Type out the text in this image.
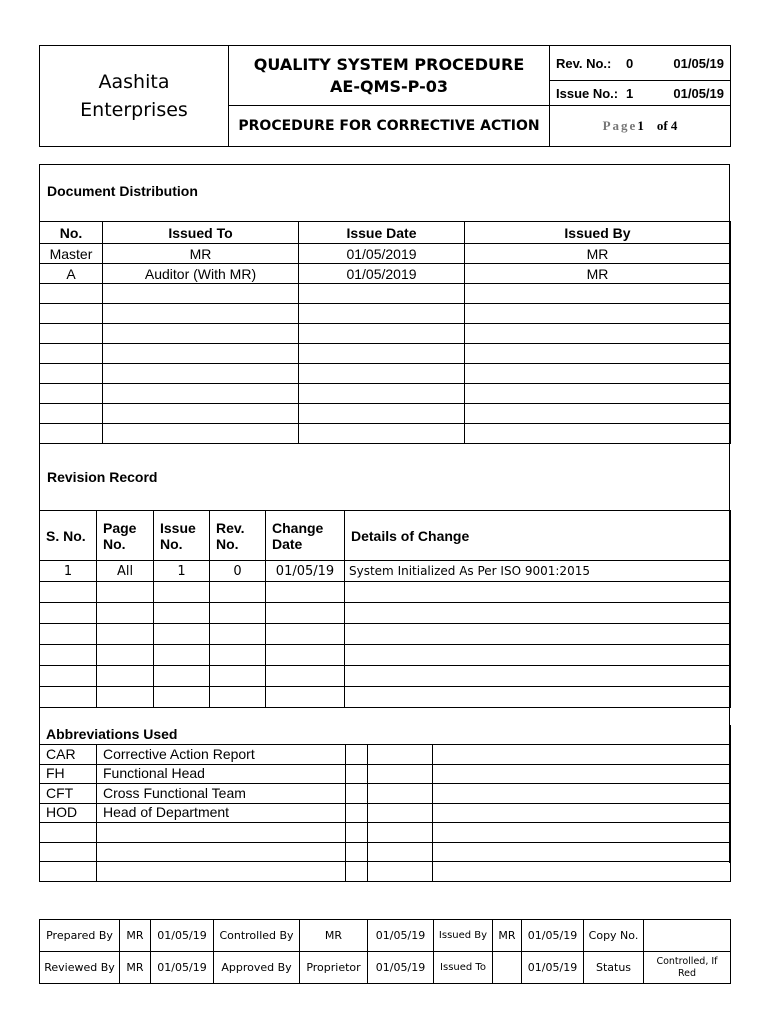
Aashita
Enterprises	QUALITY SYSTEM PROCEDURE
AE-QMS-P-03	Rev. No.: 0 01/05/19

		Issue No.: 1 01/05/19

	PROCEDURE FOR CORRECTIVE ACTION	Page1 of 4
Document Distribution
No.	Issued To	Issue Date	Issued By
Master	MR	01/05/2019	MR
A	Auditor (With MR)	01/05/2019	MR

Revision Record
S. No.	Page No.	Issue No.	Rev. No.	Change Date	Details of Change
1	All	1	0	01/05/19	System Initialized As Per ISO 9001:2015

Abbreviations Used				
CAR	Corrective Action Report			
FH	Functional Head			
CFT	Cross Functional Team			
HOD	Head of Department			

Prepared By	MR	01/05/19	Controlled By	MR	01/05/19	Issued By	MR	01/05/19	Copy No.	
Reviewed By	MR	01/05/19	Approved By	Proprietor	01/05/19	Issued To		01/05/19	Status	Controlled, If Red
